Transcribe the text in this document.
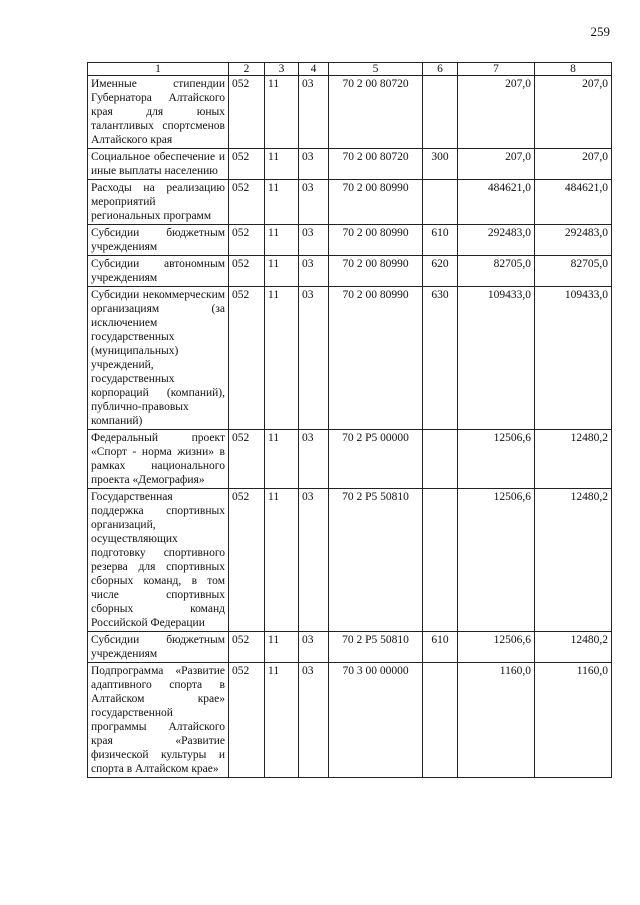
259
1	2	3	4	5	6	7	8
Именные стипендии Губернатора Алтайского края для юных талантливых спортсменов Алтайского края	052	11	03	70 2 00 80720		207,0	207,0
Социальное обеспечение и иные выплаты населению	052	11	03	70 2 00 80720	300	207,0	207,0
Расходы на реализацию мероприятий региональных программ	052	11	03	70 2 00 80990		484621,0	484621,0
Субсидии бюджетным учреждениям	052	11	03	70 2 00 80990	610	292483,0	292483,0
Субсидии автономным учреждениям	052	11	03	70 2 00 80990	620	82705,0	82705,0
Субсидии некоммерческим организациям (за исключением государственных (муниципальных) учреждений, государственных корпораций (компаний), публично-правовых компаний)	052	11	03	70 2 00 80990	630	109433,0	109433,0
Федеральный проект «Спорт - норма жизни» в рамках национального проекта «Демография»	052	11	03	70 2 P5 00000		12506,6	12480,2
Государственная поддержка спортивных организаций, осуществляющих подготовку спортивного резерва для спортивных сборных команд, в том числе спортивных сборных команд Российской Федерации	052	11	03	70 2 P5 50810		12506,6	12480,2
Субсидии бюджетным учреждениям	052	11	03	70 2 P5 50810	610	12506,6	12480,2
Подпрограмма «Развитие адаптивного спорта в Алтайском крае» государственной программы Алтайского края «Развитие физической культуры и спорта в Алтайском крае»	052	11	03	70 3 00 00000		1160,0	1160,0
